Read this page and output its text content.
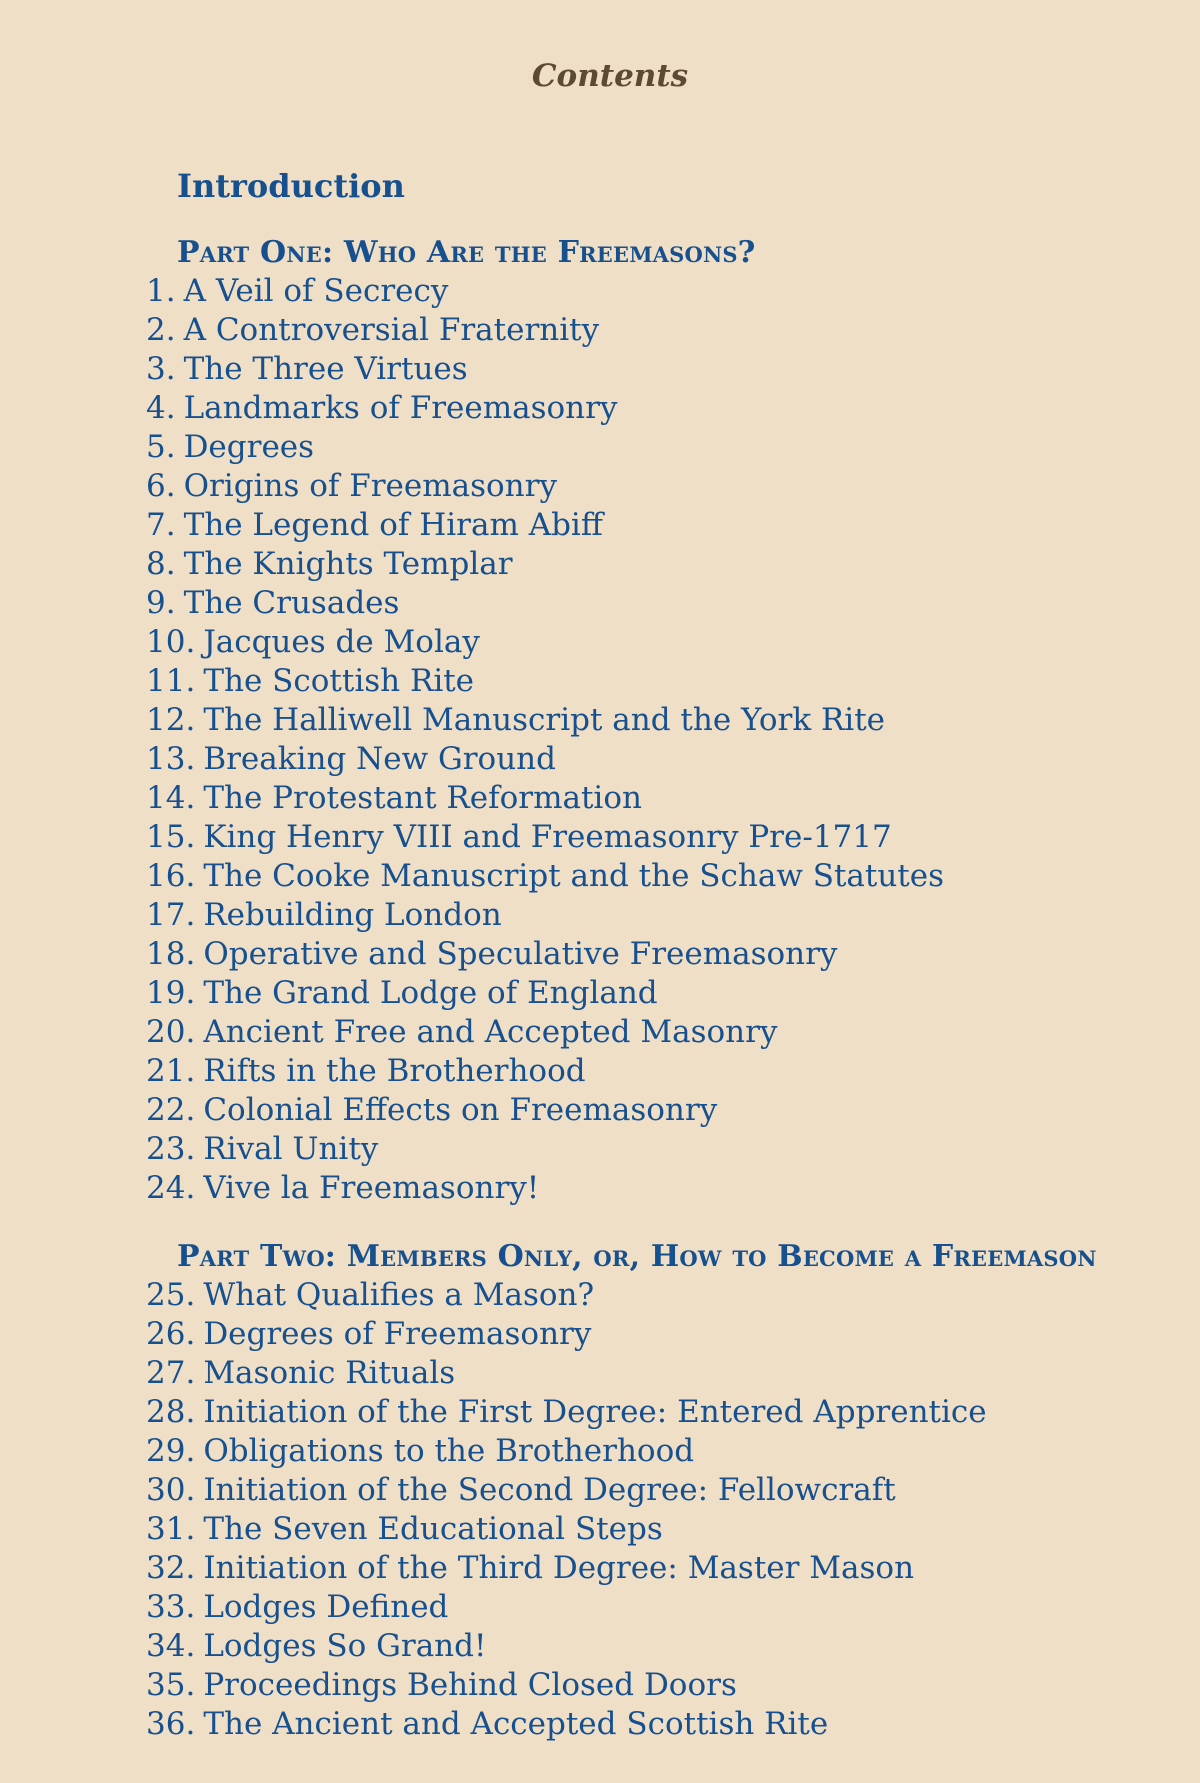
Contents
Introduction
Part One: Who Are the Freemasons?
1. A Veil of Secrecy
2. A Controversial Fraternity
3. The Three Virtues
4. Landmarks of Freemasonry
5. Degrees
6. Origins of Freemasonry
7. The Legend of Hiram Abiff
8. The Knights Templar
9. The Crusades
10. Jacques de Molay
11. The Scottish Rite
12. The Halliwell Manuscript and the York Rite
13. Breaking New Ground
14. The Protestant Reformation
15. King Henry VIII and Freemasonry Pre-1717
16. The Cooke Manuscript and the Schaw Statutes
17. Rebuilding London
18. Operative and Speculative Freemasonry
19. The Grand Lodge of England
20. Ancient Free and Accepted Masonry
21. Rifts in the Brotherhood
22. Colonial Effects on Freemasonry
23. Rival Unity
24. Vive la Freemasonry!
Part Two: Members Only, or, How to Become a Freemason
25. What Qualifies a Mason?
26. Degrees of Freemasonry
27. Masonic Rituals
28. Initiation of the First Degree: Entered Apprentice
29. Obligations to the Brotherhood
30. Initiation of the Second Degree: Fellowcraft
31. The Seven Educational Steps
32. Initiation of the Third Degree: Master Mason
33. Lodges Defined
34. Lodges So Grand!
35. Proceedings Behind Closed Doors
36. The Ancient and Accepted Scottish Rite
